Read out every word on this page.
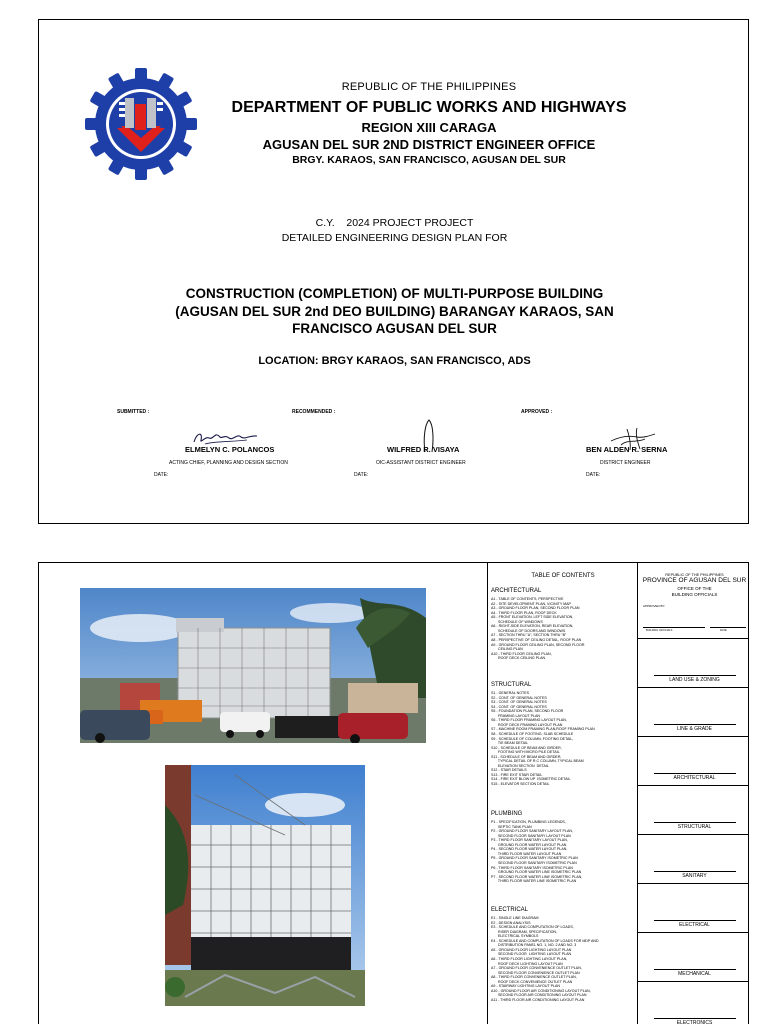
REPUBLIC OF THE PHILIPPINES
DEPARTMENT OF PUBLIC WORKS AND HIGHWAYS
REGION XIII CARAGA
AGUSAN DEL SUR 2ND DISTRICT ENGINEER OFFICE
BRGY. KARAOS, SAN FRANCISCO, AGUSAN DEL SUR
C.Y.    2024 PROJECT PROJECT
DETAILED ENGINEERING DESIGN PLAN FOR
CONSTRUCTION (COMPLETION) OF MULTI-PURPOSE BUILDING
(AGUSAN DEL SUR 2nd DEO BUILDING) BARANGAY KARAOS, SAN
FRANCISCO AGUSAN DEL SUR
LOCATION: BRGY KARAOS, SAN FRANCISCO, ADS
SUBMITTED :	RECOMMENDED :	APPROVED :
ELMELYN C. POLANCOS	WILFRED R. VISAYA	BEN ALDEN R. SERNA
ACTING CHIEF, PLANNING AND DESIGN SECTION	OIC-ASSISTANT DISTRICT ENGINEER	DISTRICT ENGINEER
DATE:	DATE:	DATE:
TABLE OF CONTENTS
ARCHITECTURAL
A1 - TABLE OF CONTENTS, PERSPECTIVE
A2 - SITE DEVELOPMENT PLAN, VICINITY MAP
A3 - GROUND FLOOR PLAN, SECOND FLOOR PLAN
A4 - THIRD FLOOR PLAN, ROOF DECK
A5 - FRONT ELEVATION, LEFT SIDE ELEVATION,
SCHEDULE OF WINDOWS
A6 - RIGHT-SIDE ELEVATION, REAR ELEVATION,
SCHEDULE OF DOORS AND WINDOWS
A7 - SECTION THRU "A", SECTION THRU "B"
A8 - PERSPECTIVE OF CEILING DETAIL, ROOF PLAN
A9 - GROUND FLOOR CEILING PLAN, SECOND FLOOR
CEILING PLAN
A10 - THIRD FLOOR CEILING PLAN,
ROOF DECK CEILING PLAN
STRUCTURAL
S1 - GENERAL NOTES
S2 - CONT. OF GENERAL NOTES
S3 - CONT. OF GENERAL NOTES
S4 - CONT. OF GENERAL NOTES
S5 - FOUNDATION PLAN, SECOND FLOOR
FRAMING LAYOUT PLAN
S6 - THIRD FLOOR FRAMING LAYOUT PLAN,
ROOF DECK FRAMING LAYOUT PLAN
S7 - MACHINE ROOM FRAMING PLAN,ROOF FRAMING PLAN
S8 - SCHEDULE OF FOOTING, SLAB SCHEDULE
S9 - SCHEDULE OF COLUMN, FOOTING DETAIL,
TIE BEAM DETAIL
S10 - SCHEDULE OF BEAM AND GIRDER,
FOOTING WITH MICRO PILE DETAIL
S11 - SCHEDULE OF BEAM AND GIRDER,
TYPICAL DETAIL OF R.C COLUMN, TYPICAL BEAM
ELEVATION SECTION  DETAIL
S12 - STAIR DETAILS
S13 - FIRE EXIT STAIR DETAIL
S14 - FIRE EXIT BLOW UP  ISOMETRIC DETAIL
S15 - ELEVATOR SECTION DETAIL
PLUMBING
P1 - SPECIFICATION, PLUMBING LEGENDS,
SEPTIC TANK PLAN
P2 - GROUND FLOOR SANITARY LAYOUT PLAN,
SECOND FLOOR SANITARY LAYOUT PLAN
P3 - THIRD FLOOR SANITARY LAYOUT PLAN,
GROUND FLOOR WATER LAYOUT PLAN
P4 - SECOND FLOOR WATER LAYOUT PLAN,
THIRD FLOOR WATER LAYOUT PLAN
P5 - GROUND FLOOR SANITARY ISOMETRIC PLAN
SECOND FLOOR SANITARY ISOMETRIC PLAN
P6 - THIRD FLOOR SANITARY ISOMETRIC PLAN
GROUND FLOOR WATER LINE ISOMETRIC PLAN
P7 - SECOND FLOOR WATER LINE ISOMETRIC PLAN,
THIRD FLOOR WATER LINE ISOMETRIC PLAN
ELECTRICAL
E1 - SINGLE LINE DIAGRAM
E2 - DESIGN ANALYSIS
E3 - SCHEDULE AND COMPUTATION OF LOADS,
RISER DIAGRAM, SPECIFICATION,
ELECTRICAL SYMBOLS
E4 - SCHEDULE AND COMPUTATION OF LOADS FOR MDP AND
DISTRIBUTION PANEL NO. 1, NO. 2 AND NO. 3
A5 - GROUND FLOOR LIGHTING LAYOUT PLAN
SECOND FLOOR  LIGHTING LAYOUT PLAN
A6 - THIRD FLOOR LIGHTING LAYOUT PLAN,
ROOF DECK LIGHTING LAYOUT PLAN
A7 - GROUND FLOOR CONVENIENCE OUTLET PLAN,
SECOND FLOOR CONVENIENCE OUTLET PLAN
A8 - THIRD FLOOR CONVENIENCE OUTLET PLAN,
ROOF DECK CONVENIENCE OUTLET PLAN
A9 - STAIRWAY LIGHTING LAYOUT PLAN
A10 - GROUND FLOOR AIR CONDITIONING LAYOUT PLAN,
SECOND FLOOR AIR CONDITIONING LAYOUT PLAN
A11 - THIRD FLOOR AIR CONDITIONING LAYOUT PLAN
REPUBLIC OF THE PHILIPPINES
PROVINCE OF AGUSAN DEL SUR
OFFICE OF THE
BUILDING OFFICIALS
APPROVED BY:
BUILDING OFFICIALS	DATE
LAND USE & ZONING
LINE & GRADE
ARCHITECTURAL
STRUCTURAL
SANITARY
ELECTRICAL
MECHANICAL
ELECTRONICS
